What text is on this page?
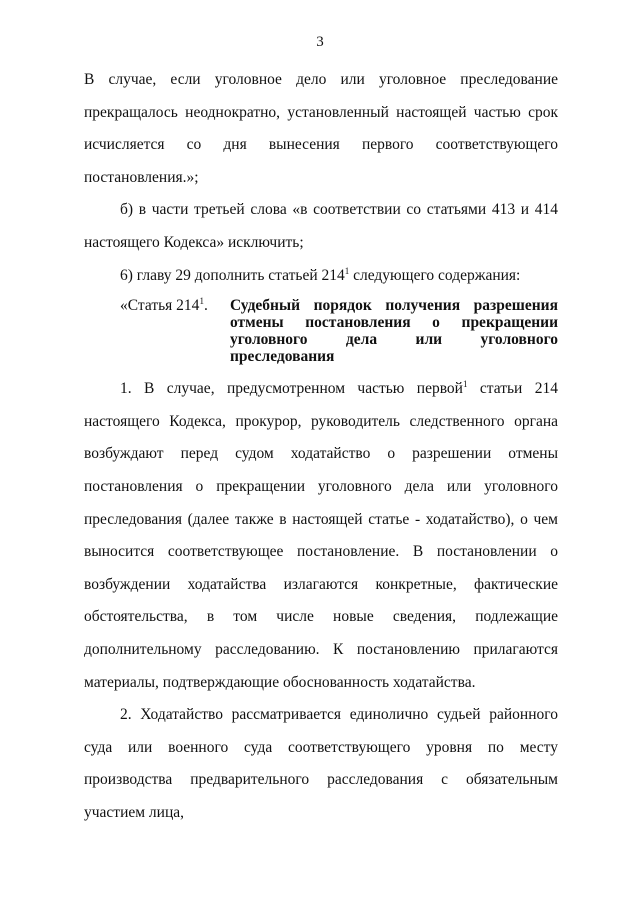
3

В случае, если уголовное дело или уголовное преследование прекращалось неоднократно, установленный настоящей частью срок исчисляется со дня вынесения первого соответствующего постановления.»;

б) в части третьей слова «в соответствии со статьями 413 и 414 настоящего Кодекса» исключить;

6) главу 29 дополнить статьей $214^1$ следующего содержания:

«Статья $214^1$.	Судебный порядок получения разрешения отмены постановления о прекращении уголовного дела или уголовного преследования

1. В случае, предусмотренном частью первой$^1$ статьи 214 настоящего Кодекса, прокурор, руководитель следственного органа возбуждают перед судом ходатайство о разрешении отмены постановления о прекращении уголовного дела или уголовного преследования (далее также в настоящей статье - ходатайство), о чем выносится соответствующее постановление. В постановлении о возбуждении ходатайства излагаются конкретные, фактические обстоятельства, в том числе новые сведения, подлежащие дополнительному расследованию. К постановлению прилагаются материалы, подтверждающие обоснованность ходатайства.

2. Ходатайство рассматривается единолично судьей районного суда или военного суда соответствующего уровня по месту производства предварительного расследования с обязательным участием лица,
